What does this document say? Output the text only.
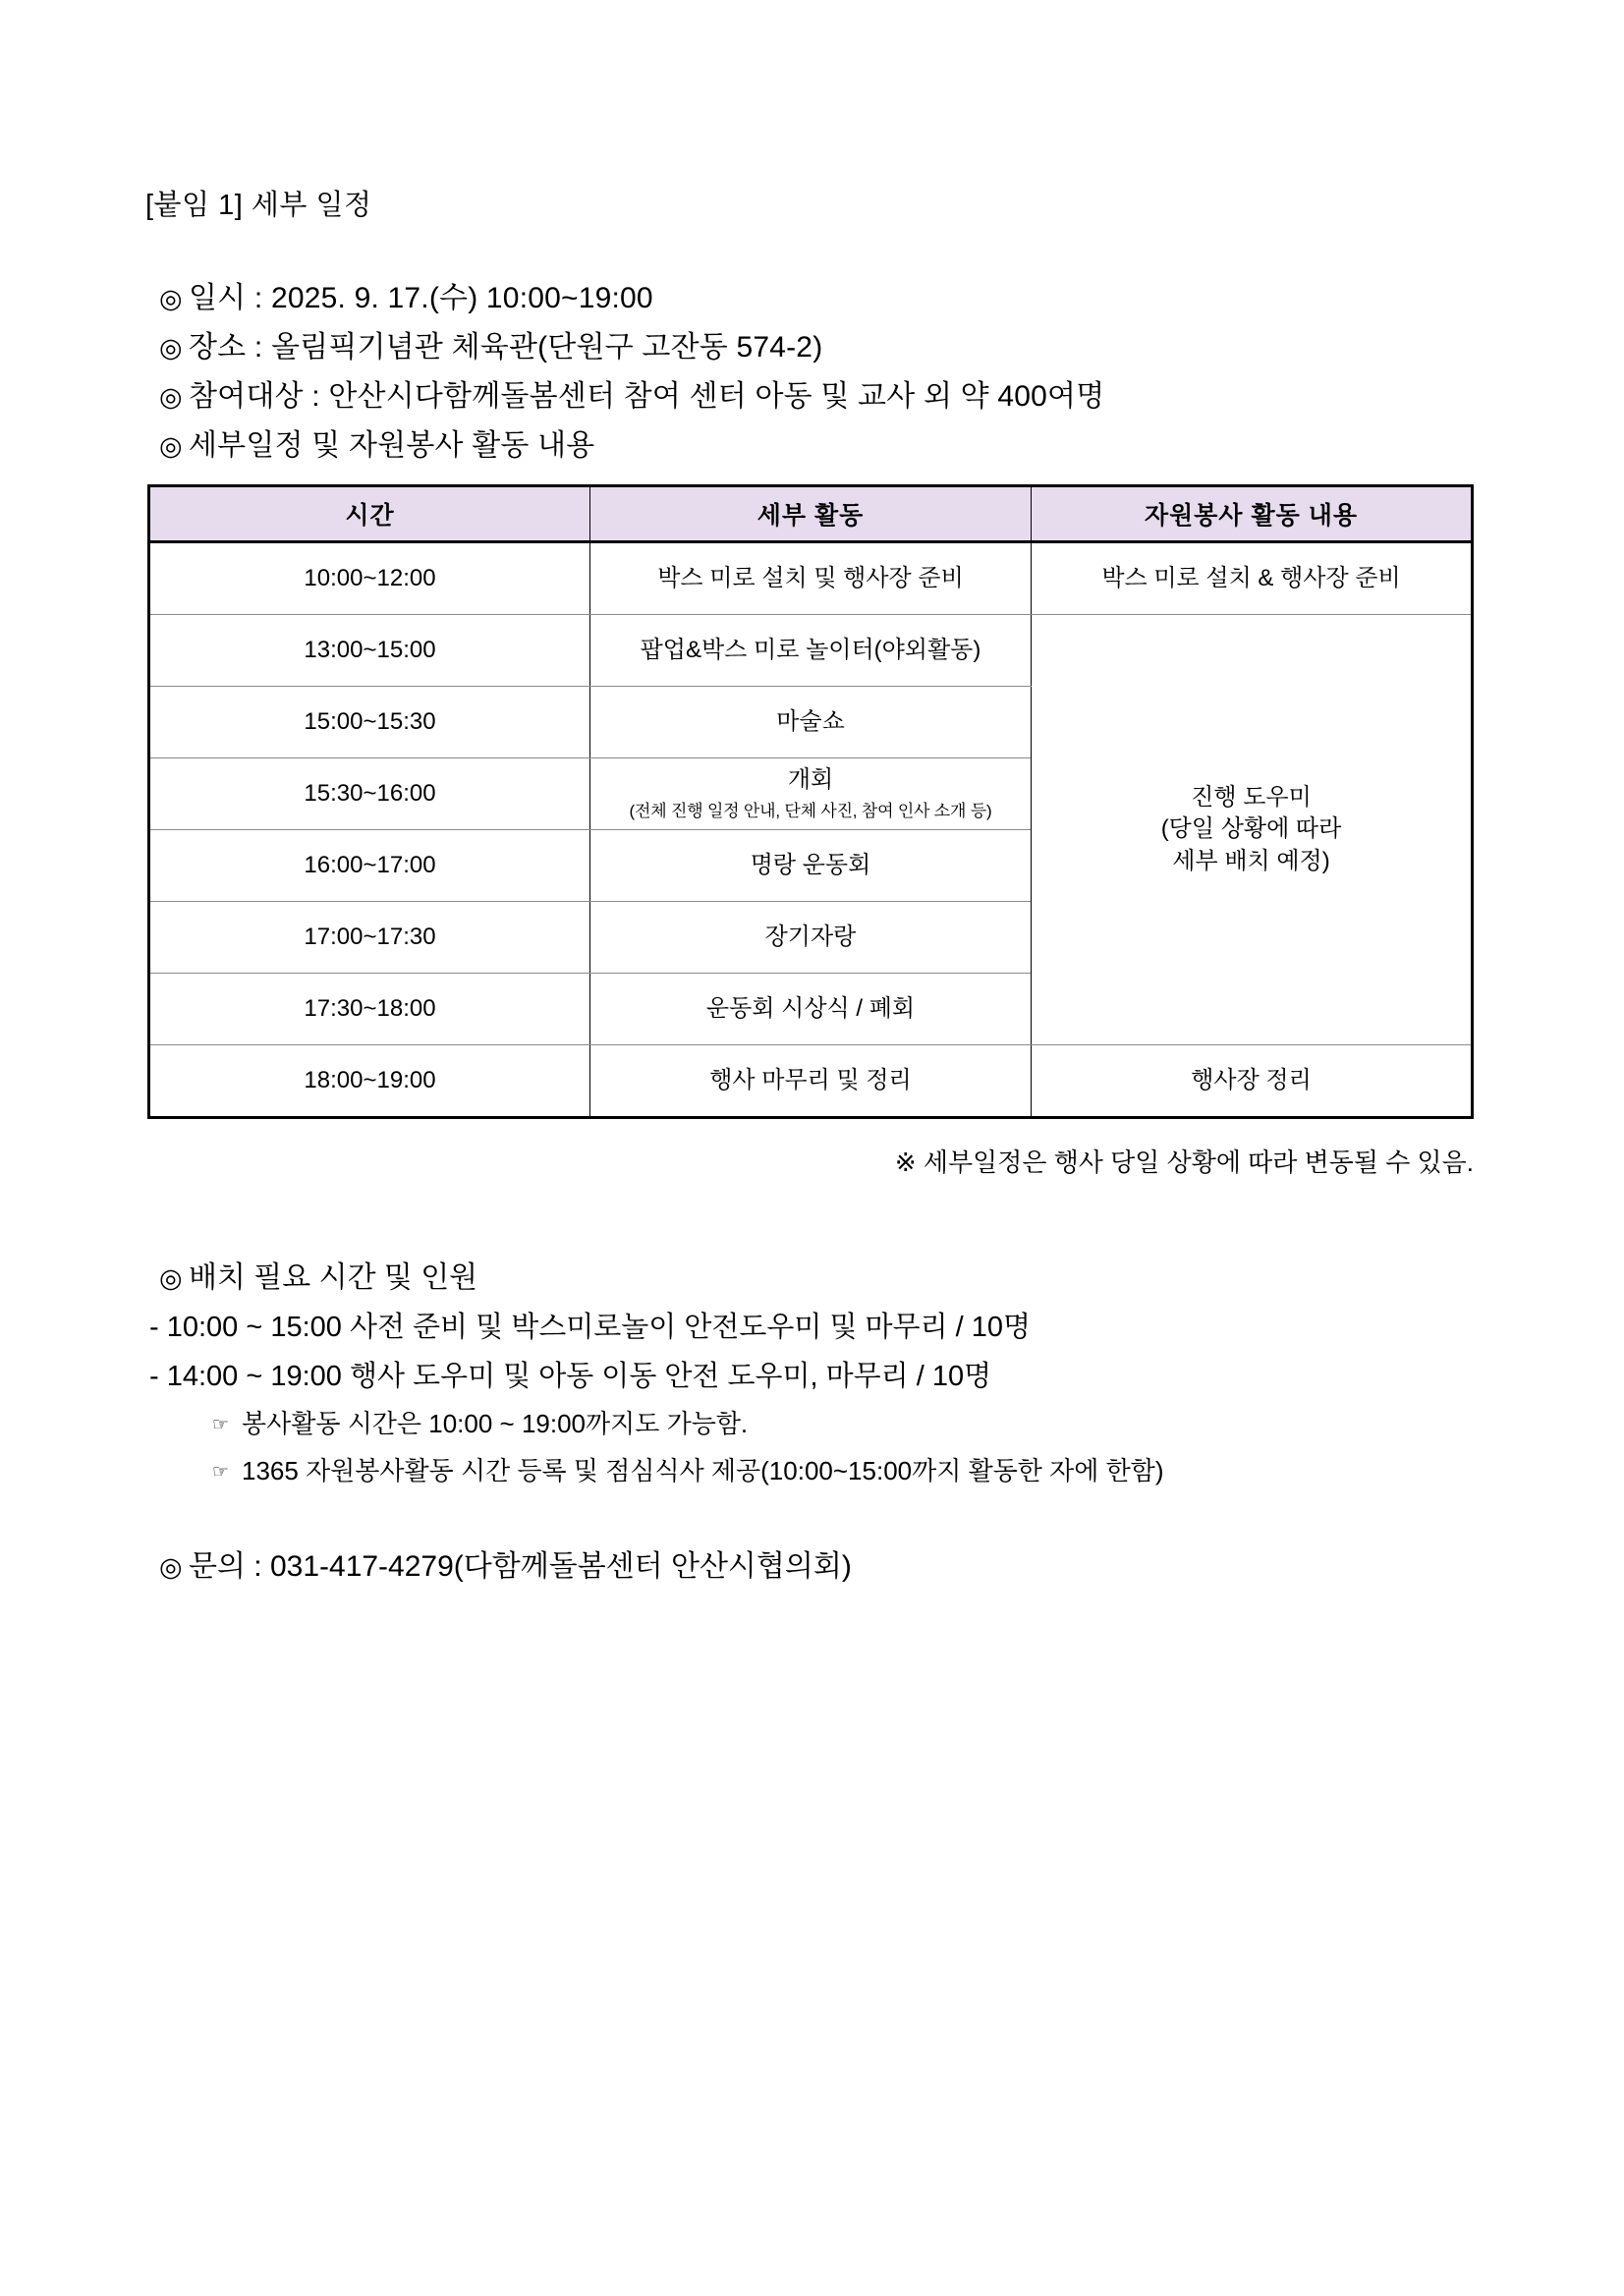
[붙임 1] 세부 일정
◎ 일시 : 2025. 9. 17.(수) 10:00~19:00
◎ 장소 : 올림픽기념관 체육관(단원구 고잔동 574-2)
◎ 참여대상 : 안산시다함께돌봄센터 참여 센터 아동 및 교사 외 약 400여명
◎ 세부일정 및 자원봉사 활동 내용
시간	세부 활동	자원봉사 활동 내용
10:00~12:00	박스 미로 설치 및 행사장 준비	박스 미로 설치 & 행사장 준비
13:00~15:00	팝업&박스 미로 놀이터(야외활동)	진행 도우미
(당일 상황에 따라
세부 배치 예정)
15:00~15:30	마술쇼	
15:30~16:00	개회
(전체 진행 일정 안내, 단체 사진, 참여 인사 소개 등)	

16:00~17:00	명랑 운동회	
17:00~17:30	장기자랑	
17:30~18:00	운동회 시상식 / 폐회	
18:00~19:00	행사 마무리 및 정리	행사장 정리
※ 세부일정은 행사 당일 상황에 따라 변동될 수 있음.
◎ 배치 필요 시간 및 인원
- 10:00 ~ 15:00 사전 준비 및 박스미로놀이 안전도우미 및 마무리 / 10명
- 14:00 ~ 19:00 행사 도우미 및 아동 이동 안전 도우미, 마무리 / 10명
☞ 봉사활동 시간은 10:00 ~ 19:00까지도 가능함.
☞ 1365 자원봉사활동 시간 등록 및 점심식사 제공(10:00~15:00까지 활동한 자에 한함)
◎ 문의 : 031-417-4279(다함께돌봄센터 안산시협의회)
